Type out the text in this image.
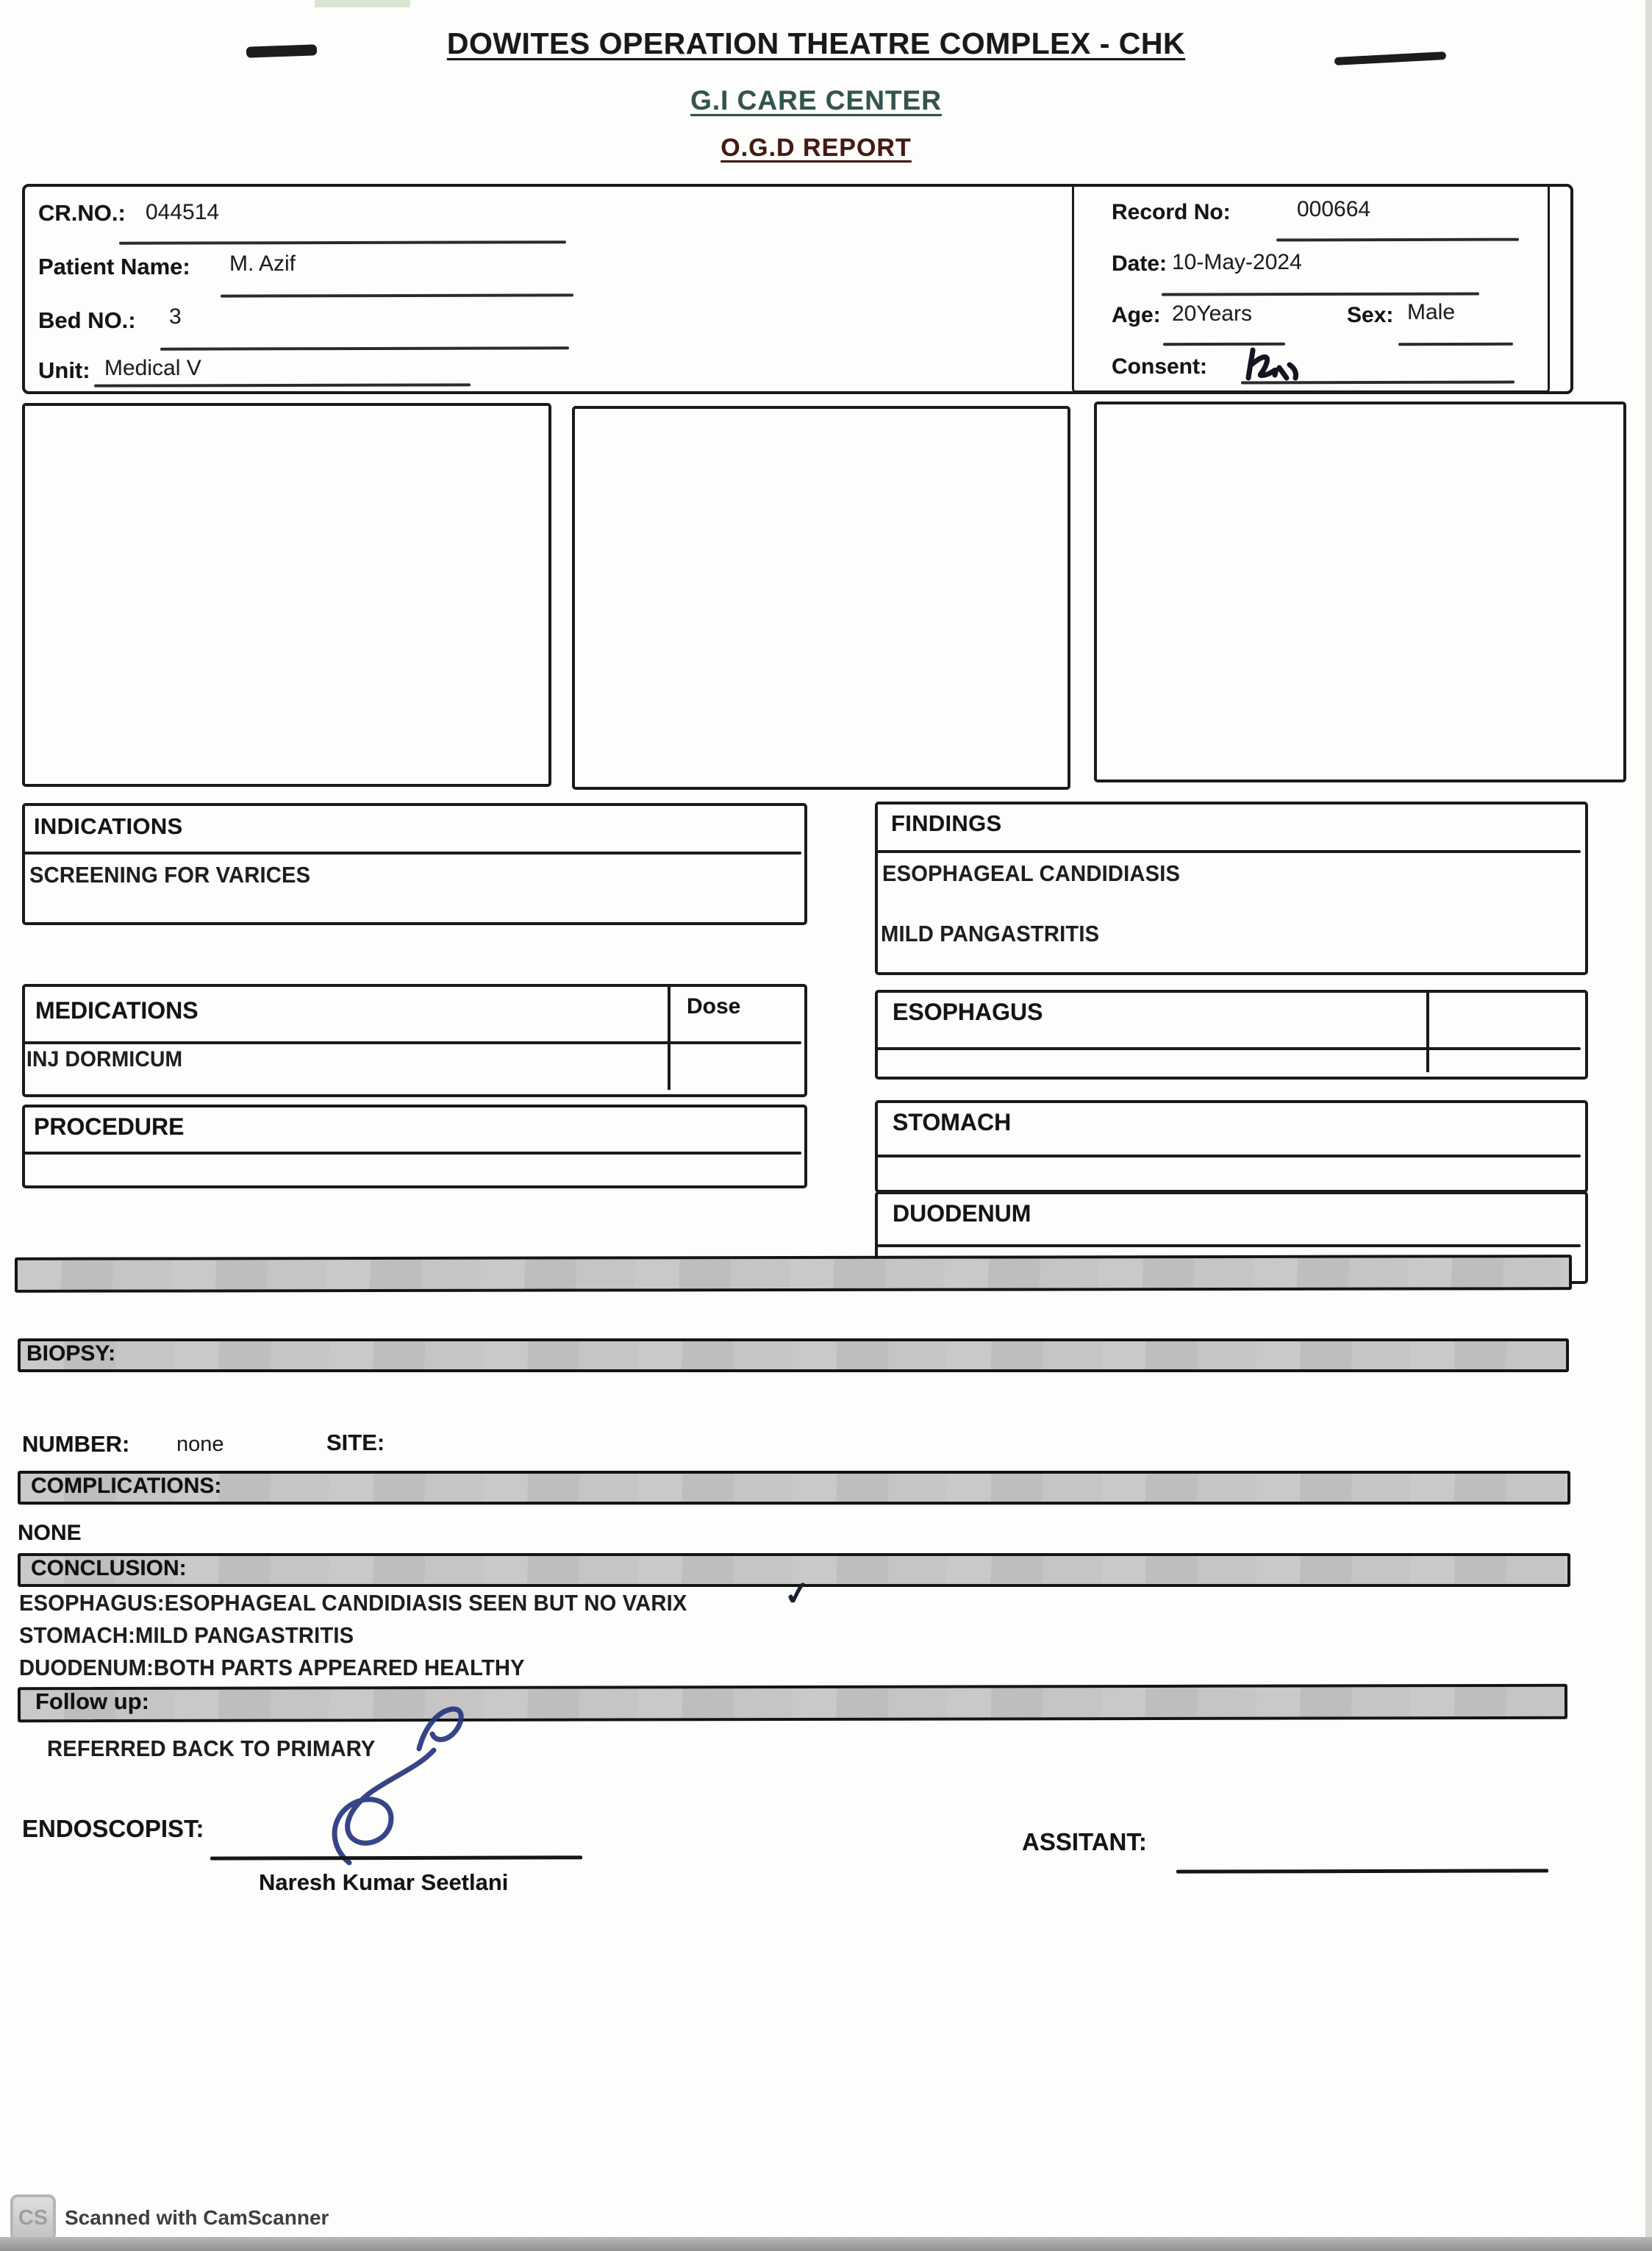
DOWITES OPERATION THEATRE COMPLEX - CHK
G.I CARE CENTER
O.G.D REPORT
CR.NO.: 044514
Patient Name: M. Azif
Bed NO.: 3
Unit: Medical V
Record No:	000664
Date: 10-May-2024
Age: 20Years	Sex: Male
Consent:
INDICATIONS
SCREENING FOR VARICES
FINDINGS
ESOPHAGEAL CANDIDIASIS
MILD PANGASTRITIS
MEDICATIONS	Dose
INJ DORMICUM
ESOPHAGUS
PROCEDURE	STOMACH
DUODENUM
BIOPSY:
NUMBER: none	SITE:
COMPLICATIONS:
NONE
CONCLUSION:
ESOPHAGUS:ESOPHAGEAL CANDIDIASIS SEEN BUT NO VARIX	✓
STOMACH:MILD PANGASTRITIS
DUODENUM:BOTH PARTS APPEARED HEALTHY
Follow up:
REFERRED BACK TO PRIMARY
ENDOSCOPIST:
Naresh Kumar Seetlani
ASSITANT:
CS Scanned with CamScanner
